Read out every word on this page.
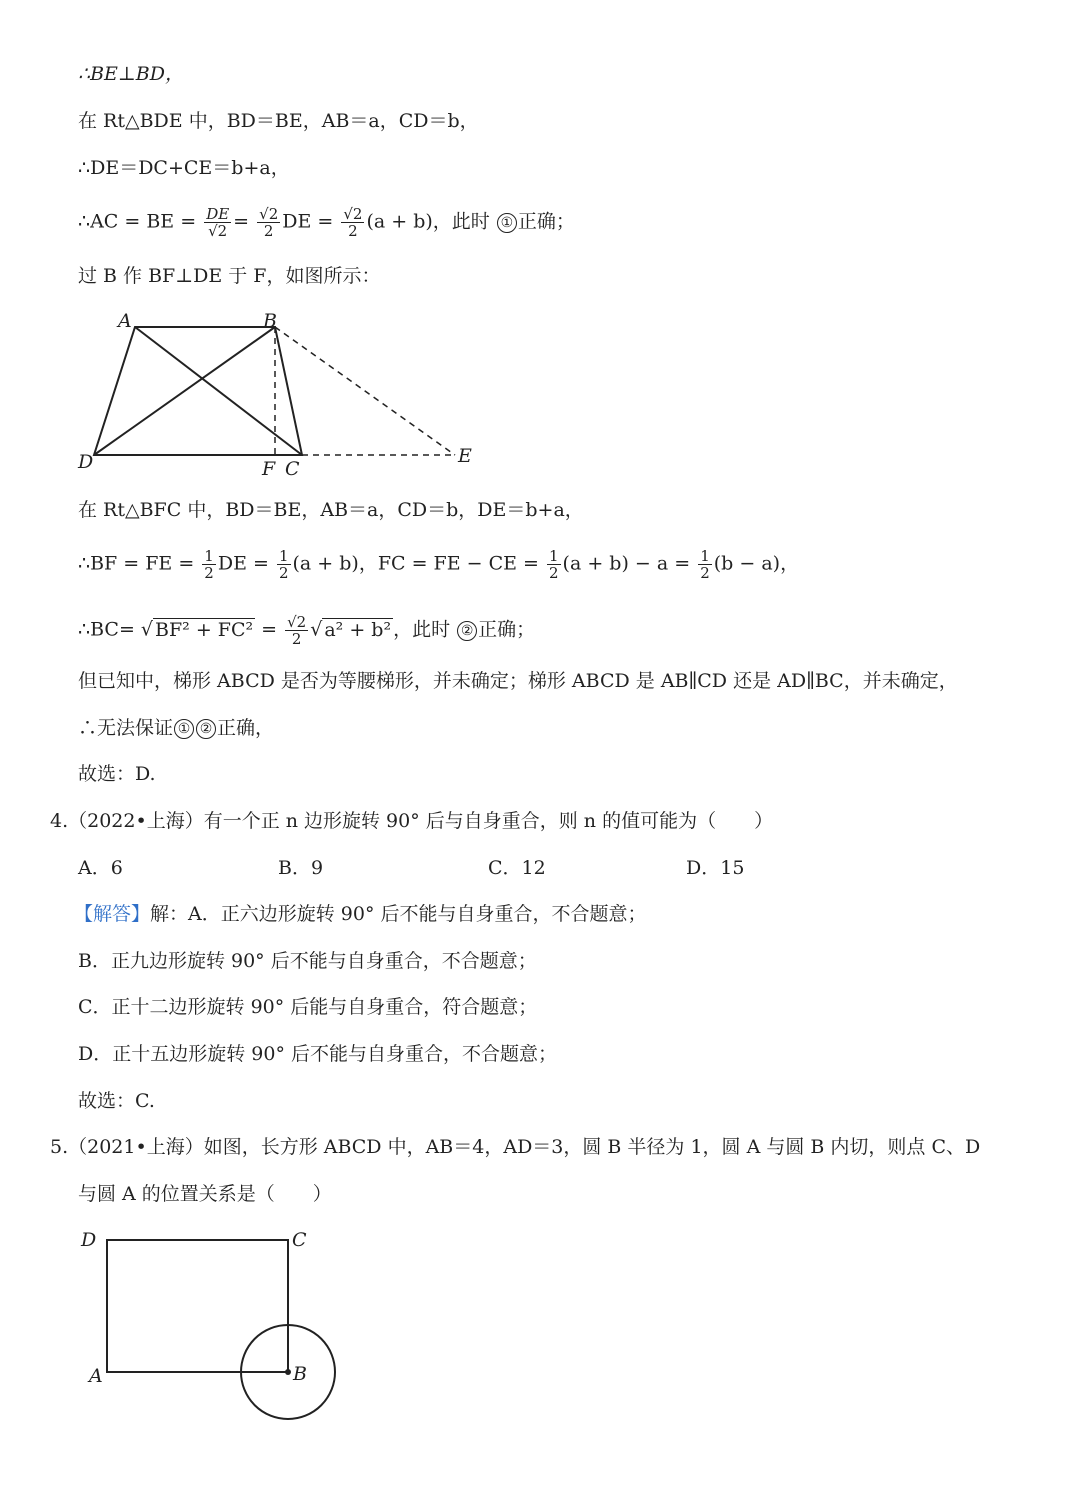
∴BE⊥BD，
在 Rt△BDE 中，BD＝BE，AB＝a，CD＝b，
∴DE＝DC+CE＝b+a，
∴AC = BE = $\frac{DE}{√2} = \frac{√2}{2}$ DE = $\frac{√2}{2} (a + b)$，此时 ① 正确；
过 B 作 BF⊥DE 于 F，如图所示：
A	B
D	F C
E
在 Rt△BFC 中，BD＝BE，AB＝a，CD＝b，DE＝b+a，
∴BF = FE = $\frac{1}{2}$ DE = $\frac{1}{2} (a + b)$，FC = FE − CE = $\frac{1}{2} (a + b) - a = \frac{1}{2} (b - a)$，
∴BC= √ $BF^2 + FC^2 = \frac{√2}{2}$ √ a² + b² ，此时 ② 正确；
但已知中，梯形 ABCD 是否为等腰梯形，并未确定；梯形 ABCD 是 AB∥CD 还是 AD∥BC，并未确定，
∴无法保证 ① ② 正确，
故选：D.
4.（2022•上海）有一个正 n 边形旋转 90° 后与自身重合，则 n 的值可能为（　　）
A．6	B．9	C．12	D．15
【解答】解：A．正六边形旋转 90° 后不能与自身重合，不合题意；
B．正九边形旋转 90° 后不能与自身重合，不合题意；
C．正十二边形旋转 90° 后能与自身重合，符合题意；
D．正十五边形旋转 90° 后不能与自身重合，不合题意；
故选：C.
5.（2021•上海）如图，长方形 ABCD 中，AB＝4，AD＝3，圆 B 半径为 1，圆 A 与圆 B 内切，则点 C、D
与圆 A 的位置关系是（　　）
D	C
A	B
